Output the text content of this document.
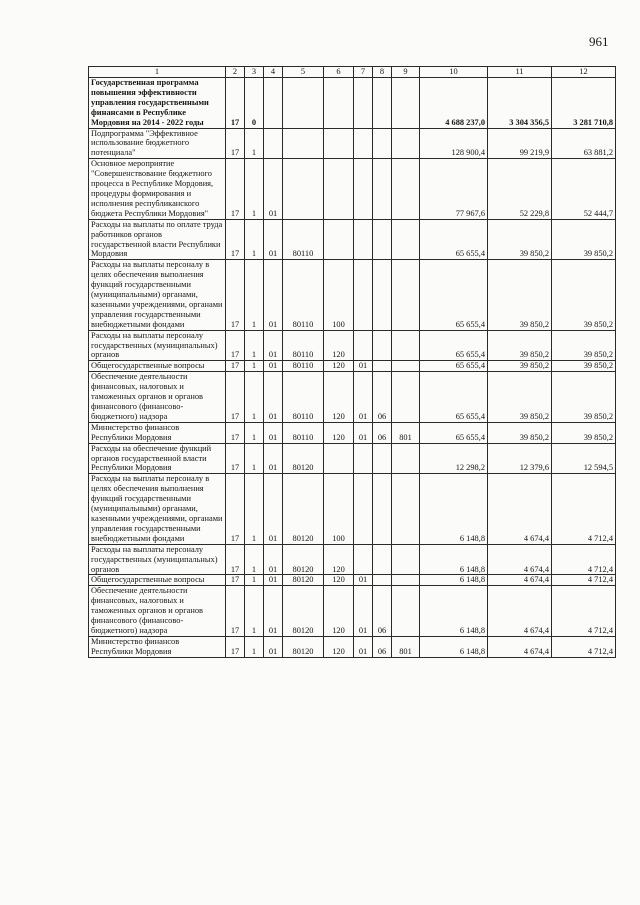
961
1	2	3	4	5	6	7	8	9	10	11	12
Государственная программа повышения эффективности управления государственными финансами в Республике Мордовия на 2014 - 2022 годы	17	0							4 688 237,0	3 304 356,5	3 281 710,8
Подпрограмма "Эффективное использование бюджетного потенциала"	17	1							128 900,4	99 219,9	63 881,2
Основное мероприятие "Совершенствование бюджетного процесса в Республике Мордовия, процедуры формирования и исполнения республиканского бюджета Республики Мордовия"	17	1	01						77 967,6	52 229,8	52 444,7
Расходы на выплаты по оплате труда работников органов государственной власти Республики Мордовия	17	1	01	80110					65 655,4	39 850,2	39 850,2
Расходы на выплаты персоналу в целях обеспечения выполнения функций государственными (муниципальными) органами, казенными учреждениями, органами управления государственными внебюджетными фондами	17	1	01	80110	100				65 655,4	39 850,2	39 850,2
Расходы на выплаты персоналу государственных (муниципальных) органов	17	1	01	80110	120				65 655,4	39 850,2	39 850,2
Общегосударственные вопросы	17	1	01	80110	120	01			65 655,4	39 850,2	39 850,2
Обеспечение деятельности финансовых, налоговых и таможенных органов и органов финансового (финансово-бюджетного) надзора	17	1	01	80110	120	01	06		65 655,4	39 850,2	39 850,2
Министерство финансов Республики Мордовия	17	1	01	80110	120	01	06	801	65 655,4	39 850,2	39 850,2
Расходы на обеспечение функций органов государственной власти Республики Мордовия	17	1	01	80120					12 298,2	12 379,6	12 594,5
Расходы на выплаты персоналу в целях обеспечения выполнения функций государственными (муниципальными) органами, казенными учреждениями, органами управления государственными внебюджетными фондами	17	1	01	80120	100				6 148,8	4 674,4	4 712,4
Расходы на выплаты персоналу государственных (муниципальных) органов	17	1	01	80120	120				6 148,8	4 674,4	4 712,4
Общегосударственные вопросы	17	1	01	80120	120	01			6 148,8	4 674,4	4 712,4
Обеспечение деятельности финансовых, налоговых и таможенных органов и органов финансового (финансово-бюджетного) надзора	17	1	01	80120	120	01	06		6 148,8	4 674,4	4 712,4
Министерство финансов Республики Мордовия	17	1	01	80120	120	01	06	801	6 148,8	4 674,4	4 712,4
